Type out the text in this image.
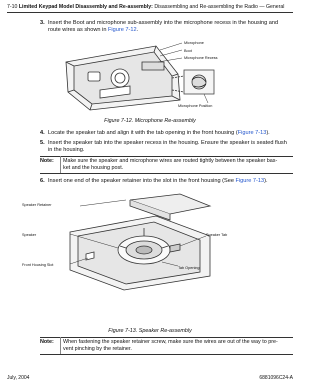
7-10 Limited Keypad Model Disassembly and Re-assembly: Disassembling and Re-assembling the Radio — General
3. Insert the Boot and microphone sub-assembly into the microphone recess in the housing and
route wires as shown in Figure 7-12.
Microphone
Boot
Microphone Recess
Microphone Position
Figure 7-12. Microphone Re-assembly
4. Locate the speaker tab and align it with the tab opening in the front housing (Figure 7-13).
5. Insert the speaker tab into the speaker recess in the housing. Ensure the speaker is seated flush
in the housing.
Note: Make sure the speaker and microphone wires are routed tightly between the speaker bas-
ket and the housing post.
6. Insert one end of the speaker retainer into the slot in the front housing (See Figure 7-13).
Speaker Retainer
Speaker	Speaker Tab
Front Housing Slot
Tab Opening
Figure 7-13. Speaker Re-assembly
Note: When fastening the speaker retainer screw, make sure the wires are out of the way to pre-
vent pinching by the retainer.
July, 2004	6881096C24-A
